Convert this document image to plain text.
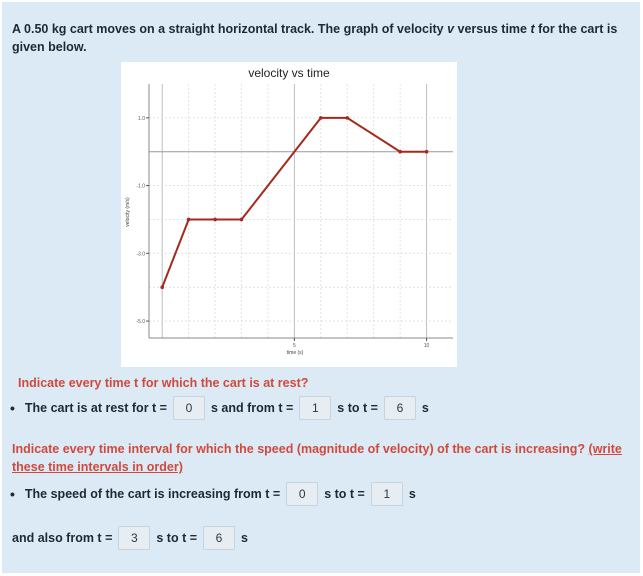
A 0.50 kg cart moves on a straight horizontal track. The graph of velocity v versus time t for the cart is given below.
1.0
-1.0
-3.0
-5.0
5	10
velocity vs time
time (s)
velocity (m/s)
Indicate every time t for which the cart is at rest?
• The cart is at rest for t =	0	s and from t =	1	s to t =	6	s
Indicate every time interval for which the speed (magnitude of velocity) of the cart is increasing? (write these time intervals in order)
• The speed of the cart is increasing from t =	0	s to t =	1	s
and also from t =	3	s to t =	6	s
